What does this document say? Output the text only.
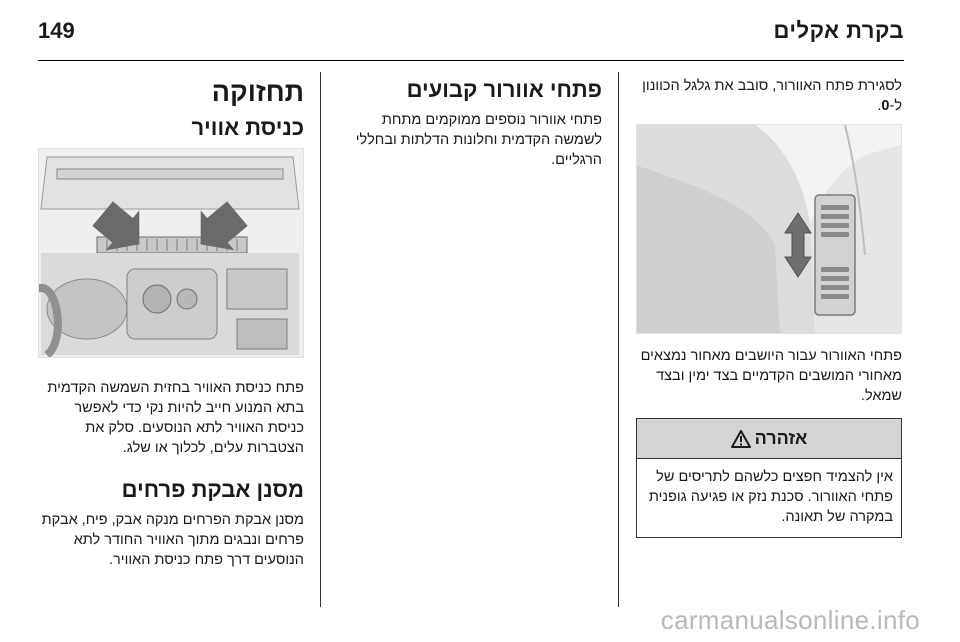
בקרת אקלים
149

לסגירת פתח האוורור, סובב את גלגל הכוונון ל-0.

פתחי האוורור עבור היושבים מאחור נמצאים מאחורי המושבים הקדמיים בצד ימין ובצד שמאל.

אזהרה
אין להצמיד חפצים כלשהם לתריסים של פתחי האוורור. סכנת נזק או פגיעה גופנית במקרה של תאונה.
פתחי אוורור קבועים

פתחי אוורור נוספים ממוקמים מתחת לשמשה הקדמית וחלונות הדלתות ובחללי הרגליים.

תחזוקה
כניסת אוויר

פתח כניסת האוויר בחזית השמשה הקדמית בתא המנוע חייב להיות נקי כדי לאפשר כניסת האוויר לתא הנוסעים. סלק את הצטברות עלים, לכלוך או שלג.

מסנן אבקת פרחים

מסנן אבקת הפרחים מנקה אבק, פיח, אבקת פרחים ונבגים מתוך האוויר החודר לתא הנוסעים דרך פתח כניסת האוויר.

carmanualsonline.info
